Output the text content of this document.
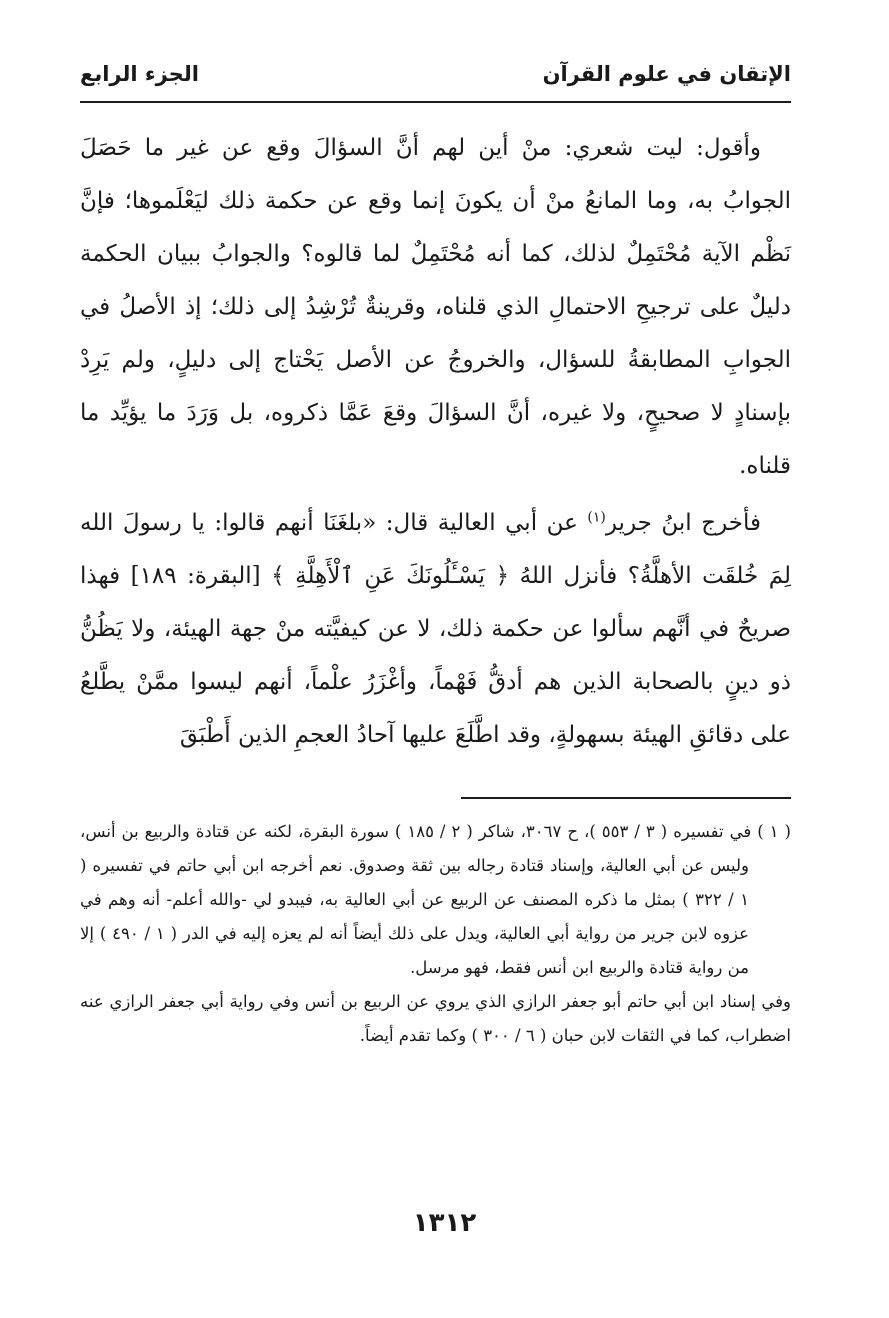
الإتقان في علوم القرآن
الجزء الرابع

وأقول: ليت شعري: منْ أين لهم أنَّ السؤالَ وقع عن غير ما حَصَلَ الجوابُ به، وما المانعُ منْ أن يكونَ إنما وقع عن حكمة ذلك ليَعْلَموها؛ فإنَّ نَظْم الآية مُحْتَمِلٌ لذلك، كما أنه مُحْتَمِلٌ لما قالوه؟ والجوابُ ببيان الحكمة دليلٌ على ترجيحِ الاحتمالِ الذي قلناه، وقرينةٌ تُرْشِدُ إلى ذلك؛ إذ الأصلُ في الجوابِ المطابقةُ للسؤال، والخروجُ عن الأصل يَحْتاج إلى دليلٍ، ولم يَرِدْ بإسنادٍ لا صحيحٍ، ولا غيره، أنَّ السؤالَ وقعَ عَمَّا ذكروه، بل وَرَدَ ما يؤيِّد ما قلناه.

فأخرج ابنُ جرير$^{(١)}$ عن أبي العالية قال: «بلغَنَا أنهم قالوا: يا رسولَ الله لِمَ خُلقَت الأهلَّةُ؟ فأنزل اللهُ ﴿ يَسْـَٔلُونَكَ عَنِ ٱلْأَهِلَّةِ ﴾ [البقرة: ١٨٩] فهذا صريحٌ في أنَّهم سألوا عن حكمة ذلك، لا عن كيفيَّته منْ جهة الهيئة، ولا يَظُنُّ ذو دينٍ بالصحابة الذين هم أدقُّ فَهْماً، وأغْزَرُ علْماً، أنهم ليسوا ممَّنْ يطَّلعُ على دقائقِ الهيئة بسهولةٍ، وقد اطَّلَعَ عليها آحادُ العجمِ الذين أَطْبَقَ

( ١ ) في تفسيره ( ٣ / ٥٥٣ )، ح ٣٠٦٧، شاكر ( ٢ / ١٨٥ ) سورة البقرة، لكنه عن قتادة والربيع بن أنس، وليس عن أبي العالية، وإسناد قتادة رجاله بين ثقة وصدوق. نعم أخرجه ابن أبي حاتم في تفسيره ( ١ / ٣٢٢ ) بمثل ما ذكره المصنف عن الربيع عن أبي العالية به، فيبدو لي -والله أعلم- أنه وهم في عزوه لابن جرير من رواية أبي العالية، ويدل على ذلك أيضاً أنه لم يعزه إليه في الدر ( ١ / ٤٩٠ ) إلا من رواية قتادة والربيع ابن أنس فقط، فهو مرسل.

وفي إسناد ابن أبي حاتم أبو جعفر الرازي الذي يروي عن الربيع بن أنس وفي رواية أبي جعفر الرازي عنه اضطراب، كما في الثقات لابن حبان ( ٦ / ٣٠٠ ) وكما تقدم أيضاً.

١٣١٢
